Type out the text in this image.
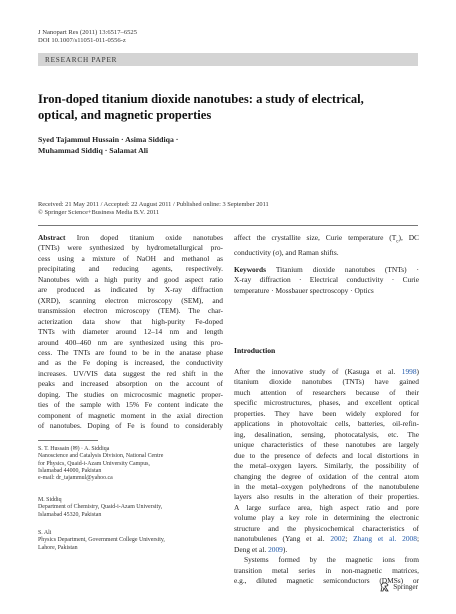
J Nanopart Res (2011) 13:6517–6525
DOI 10.1007/s11051-011-0556-z
RESEARCH PAPER
Iron-doped titanium dioxide nanotubes: a study of electrical,
optical, and magnetic properties
Syed Tajammul Hussain · Asima Siddiqa ·
Muhammad Siddiq · Salamat Ali
Received: 21 May 2011 / Accepted: 22 August 2011 / Published online: 3 September 2011
© Springer Science+Business Media B.V. 2011
Abstract Iron doped titanium oxide nanotubes
(TNTs) were synthesized by hydrometallurgical pro-
cess using a mixture of NaOH and methanol as
precipitating and reducing agents, respectively.
Nanotubes with a high purity and good aspect ratio
are produced as indicated by X-ray diffraction
(XRD), scanning electron microscopy (SEM), and
transmission electron microscopy (TEM). The char-
acterization data show that high-purity Fe-doped
TNTs with diameter around 12–14 nm and length
around 400–460 nm are synthesized using this pro-
cess. The TNTs are found to be in the anatase phase
and as the Fe doping is increased, the conductivity
increases. UV/VIS data suggest the red shift in the
peaks and increased absorption on the account of
doping. The studies on microcosmic magnetic proper-
ties of the sample with 15% Fe content indicate the
component of magnetic moment in the axial direction
of nanotubes. Doping of Fe is found to considerably
S. T. Hussain (✉) · A. Siddiqa
Nanoscience and Catalysis Division, National Centre
for Physics, Quaid-i-Azam University Campus,
Islamabad 44000, Pakistan
e-mail: dr_tajammul@yahoo.ca
M. Siddiq
Department of Chemistry, Quaid-i-Azam University,
Islamabad 45320, Pakistan
S. Ali
Physics Department, Government College University,
Lahore, Pakistan
affect the crystallite size, Curie temperature $(T_c)$, DC
conductivity (σ), and Raman shifts.
Keywords Titanium dioxide nanotubes (TNTs) ·
X-ray diffraction · Electrical conductivity · Curie
temperature · Mossbauer spectroscopy · Optics
Introduction
After the innovative study of (Kasuga et al. 1998)
titanium dioxide nanotubes (TNTs) have gained
much attention of researchers because of their
specific microstructures, phases, and excellent optical
properties. They have been widely explored for
applications in photovoltaic cells, batteries, oil-refin-
ing, desalination, sensing, photocatalysis, etc. The
unique characteristics of these nanotubes are largely
due to the presence of defects and local distortions in
the metal–oxygen layers. Similarly, the possibility of
changing the degree of oxidation of the central atom
in the metal–oxygen polyhedrons of the nanotubulene
layers also results in the alteration of their properties.
A large surface area, high aspect ratio and pore
volume play a key role in determining the electronic
structure and the physicochemical characteristics of
nanotubulenes (Yang et al. 2002; Zhang et al. 2008;
Deng et al. 2009).
Systems formed by the magnetic ions from
transition metal series in non-magnetic matrices,
e.g., diluted magnetic semiconductors (DMSs) or
Springer
